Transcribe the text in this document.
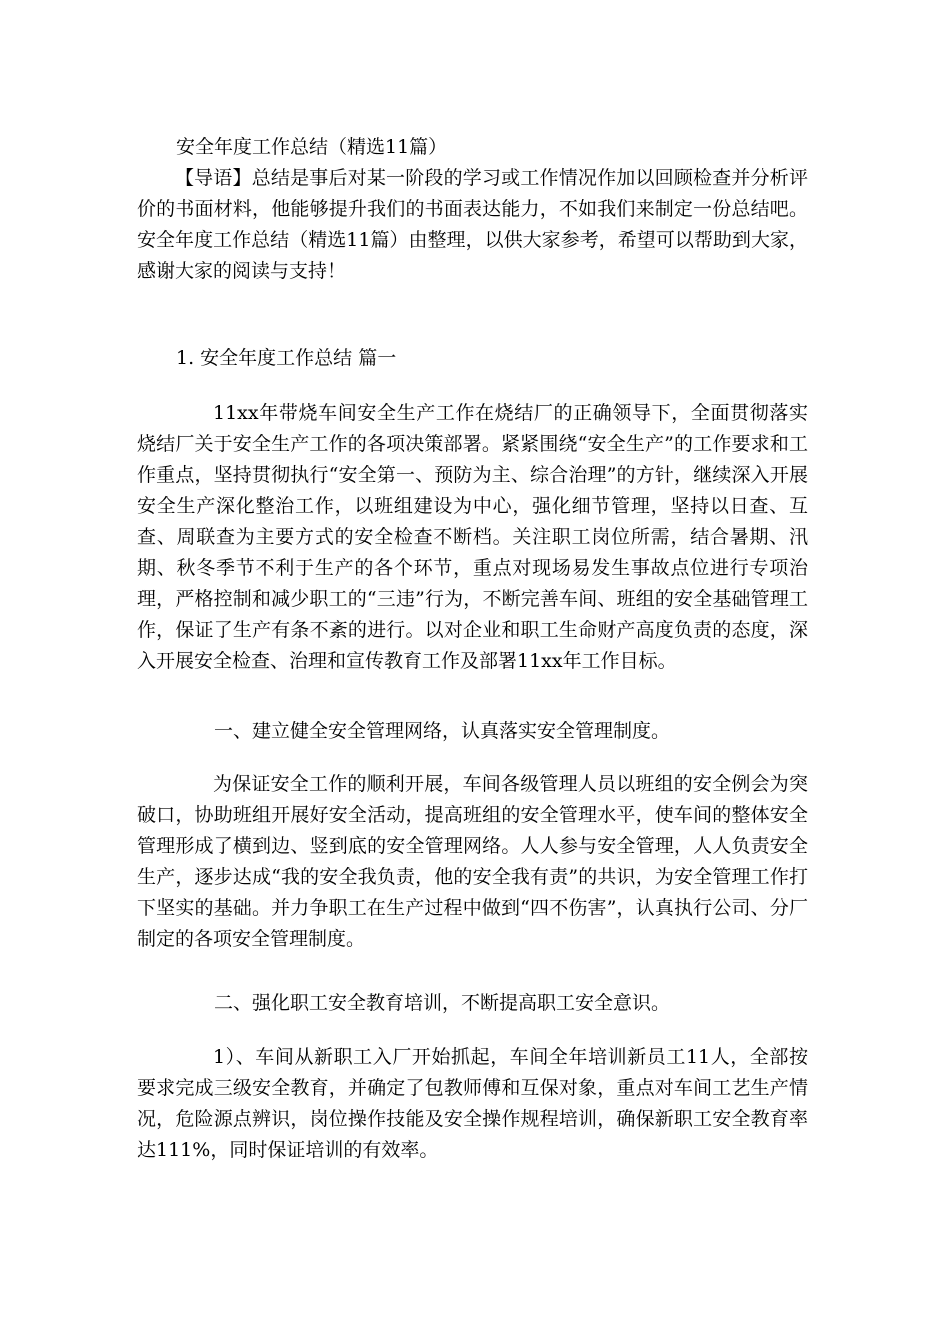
安全年度工作总结（精选11篇）

【导语】总结是事后对某一阶段的学习或工作情况作加以回顾检查并分析评价的书面材料，他能够提升我们的书面表达能力，不如我们来制定一份总结吧。安全年度工作总结（精选11篇）由整理，以供大家参考，希望可以帮助到大家，感谢大家的阅读与支持！

1. 安全年度工作总结 篇一

11xx年带烧车间安全生产工作在烧结厂的正确领导下，全面贯彻落实烧结厂关于安全生产工作的各项决策部署。紧紧围绕“安全生产”的工作要求和工作重点，坚持贯彻执行“安全第一、预防为主、综合治理”的方针，继续深入开展安全生产深化整治工作，以班组建设为中心，强化细节管理，坚持以日查、互查、周联查为主要方式的安全检查不断档。关注职工岗位所需，结合暑期、汛期、秋冬季节不利于生产的各个环节，重点对现场易发生事故点位进行专项治理，严格控制和减少职工的“三违”行为，不断完善车间、班组的安全基础管理工作，保证了生产有条不紊的进行。以对企业和职工生命财产高度负责的态度，深入开展安全检查、治理和宣传教育工作及部署11xx年工作目标。

一、建立健全安全管理网络，认真落实安全管理制度。

为保证安全工作的顺利开展，车间各级管理人员以班组的安全例会为突破口，协助班组开展好安全活动，提高班组的安全管理水平，使车间的整体安全管理形成了横到边、竖到底的安全管理网络。人人参与安全管理，人人负责安全生产，逐步达成“我的安全我负责，他的安全我有责”的共识，为安全管理工作打下坚实的基础。并力争职工在生产过程中做到“四不伤害”，认真执行公司、分厂制定的各项安全管理制度。

二、强化职工安全教育培训，不断提高职工安全意识。

1）、车间从新职工入厂开始抓起，车间全年培训新员工11人，全部按要求完成三级安全教育，并确定了包教师傅和互保对象，重点对车间工艺生产情况，危险源点辨识，岗位操作技能及安全操作规程培训，确保新职工安全教育率达111%，同时保证培训的有效率。
